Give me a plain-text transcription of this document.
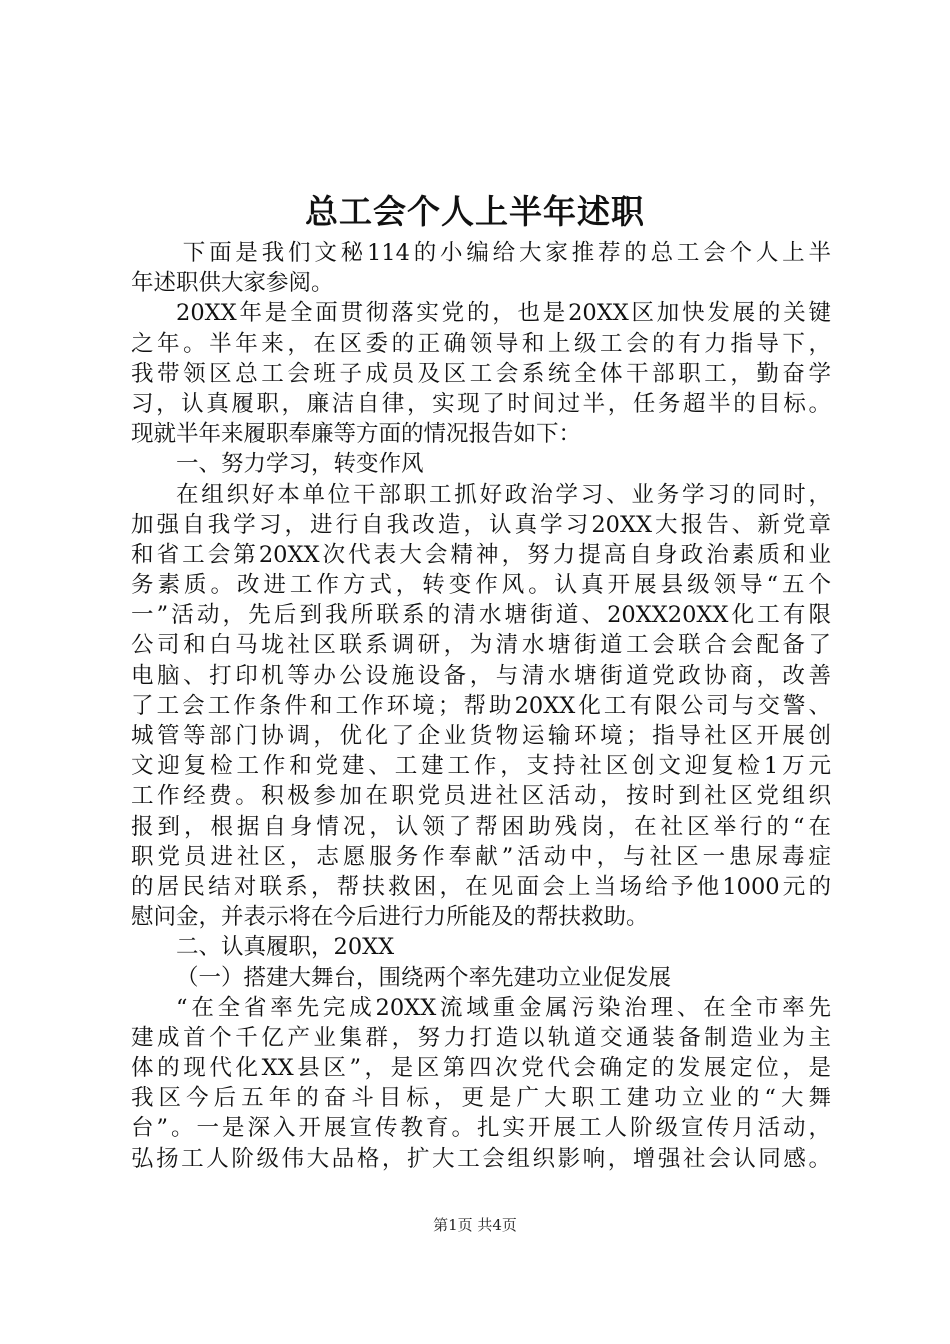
总工会个人上半年述职
下面是我们文秘114的小编给大家推荐的总工会个人上半
年述职供大家参阅。
20XX年是全面贯彻落实党的，也是20XX区加快发展的关键
之年。半年来，在区委的正确领导和上级工会的有力指导下，
我带领区总工会班子成员及区工会系统全体干部职工，勤奋学
习，认真履职，廉洁自律，实现了时间过半，任务超半的目标。
现就半年来履职奉廉等方面的情况报告如下：
一、努力学习，转变作风
在组织好本单位干部职工抓好政治学习、业务学习的同时，
加强自我学习，进行自我改造，认真学习20XX大报告、新党章
和省工会第20XX次代表大会精神，努力提高自身政治素质和业
务素质。改进工作方式，转变作风。认真开展县级领导“五个
一”活动，先后到我所联系的清水塘街道、20XX20XX化工有限
公司和白马垅社区联系调研，为清水塘街道工会联合会配备了
电脑、打印机等办公设施设备，与清水塘街道党政协商，改善
了工会工作条件和工作环境；帮助20XX化工有限公司与交警、
城管等部门协调，优化了企业货物运输环境；指导社区开展创
文迎复检工作和党建、工建工作，支持社区创文迎复检1万元
工作经费。积极参加在职党员进社区活动，按时到社区党组织
报到，根据自身情况，认领了帮困助残岗，在社区举行的“在
职党员进社区，志愿服务作奉献”活动中，与社区一患尿毒症
的居民结对联系，帮扶救困，在见面会上当场给予他1000元的
慰问金，并表示将在今后进行力所能及的帮扶救助。
二、认真履职，20XX
（一）搭建大舞台，围绕两个率先建功立业促发展
“在全省率先完成20XX流域重金属污染治理、在全市率先
建成首个千亿产业集群，努力打造以轨道交通装备制造业为主
体的现代化XX县区”，是区第四次党代会确定的发展定位，是
我区今后五年的奋斗目标，更是广大职工建功立业的“大舞
台”。一是深入开展宣传教育。扎实开展工人阶级宣传月活动，
弘扬工人阶级伟大品格，扩大工会组织影响，增强社会认同感。
第1页 共4页
